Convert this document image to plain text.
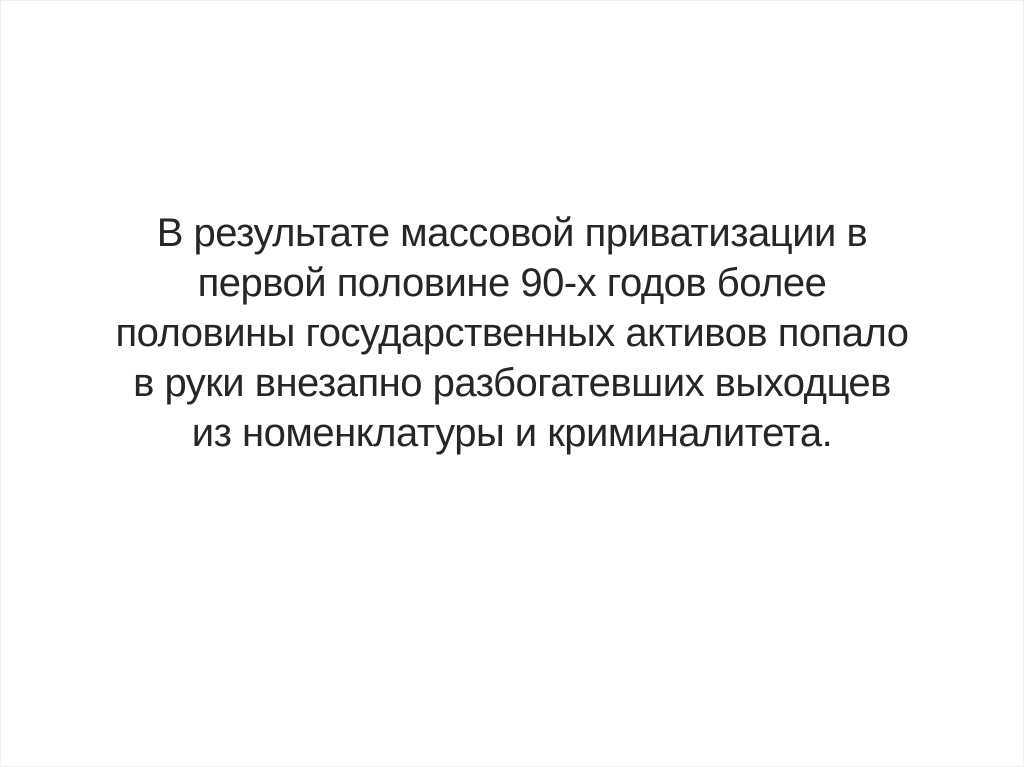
В результате массовой приватизации в
первой половине 90-х годов более
половины государственных активов попало
в руки внезапно разбогатевших выходцев
из номенклатуры и криминалитета.
